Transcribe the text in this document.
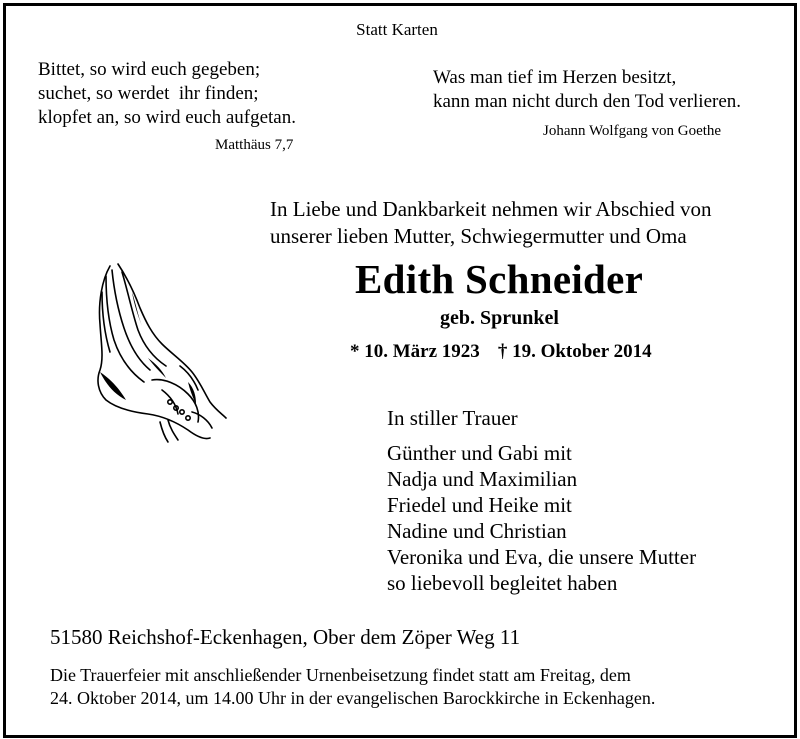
Statt Karten
Bittet, so wird euch gegeben;
suchet, so werdet  ihr finden;
klopfet an, so wird euch aufgetan.
Matthäus 7,7
Was man tief im Herzen besitzt,
kann man nicht durch den Tod verlieren.
Johann Wolfgang von Goethe
In Liebe und Dankbarkeit nehmen wir Abschied von
unserer lieben Mutter, Schwiegermutter und Oma
Edith Schneider
geb. Sprunkel
* 10. März 1923 † 19. Oktober 2014
In stiller Trauer
Günther und Gabi mit
Nadja und Maximilian
Friedel und Heike mit
Nadine und Christian
Veronika und Eva, die unsere Mutter
so liebevoll begleitet haben
51580 Reichshof-Eckenhagen, Ober dem Zöper Weg 11
Die Trauerfeier mit anschließender Urnenbeisetzung findet statt am Freitag, dem
24. Oktober 2014, um 14.00 Uhr in der evangelischen Barockkirche in Eckenhagen.
